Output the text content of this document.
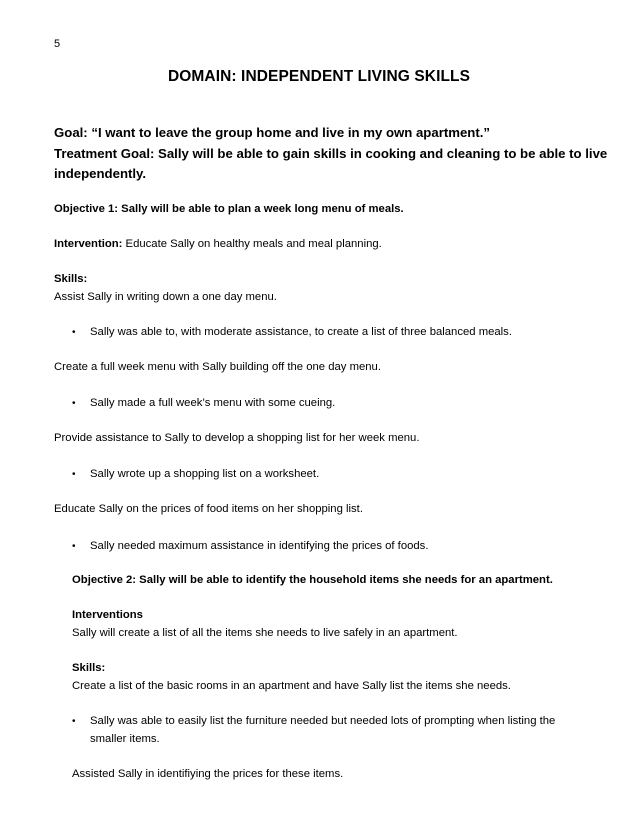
5
DOMAIN: INDEPENDENT LIVING SKILLS
Goal: “I want to leave the group home and live in my own apartment.”
Treatment Goal: Sally will be able to gain skills in cooking and cleaning to be able to live
independently.
Objective 1: Sally will be able to plan a week long menu of meals.
Intervention: Educate Sally on healthy meals and meal planning.
Skills:
Assist Sally in writing down a one day menu.
• Sally was able to, with moderate assistance, to create a list of three balanced meals.
Create a full week menu with Sally building off the one day menu.
• Sally made a full week’s menu with some cueing.
Provide assistance to Sally to develop a shopping list for her week menu.
• Sally wrote up a shopping list on a worksheet.
Educate Sally on the prices of food items on her shopping list.
• Sally needed maximum assistance in identifying the prices of foods.
Objective 2: Sally will be able to identify the household items she needs for an apartment.
Interventions
Sally will create a list of all the items she needs to live safely in an apartment.
Skills:
Create a list of the basic rooms in an apartment and have Sally list the items she needs.
• Sally was able to easily list the furniture needed but needed lots of prompting when listing the
smaller items.
Assisted Sally in identifiying the prices for these items.
